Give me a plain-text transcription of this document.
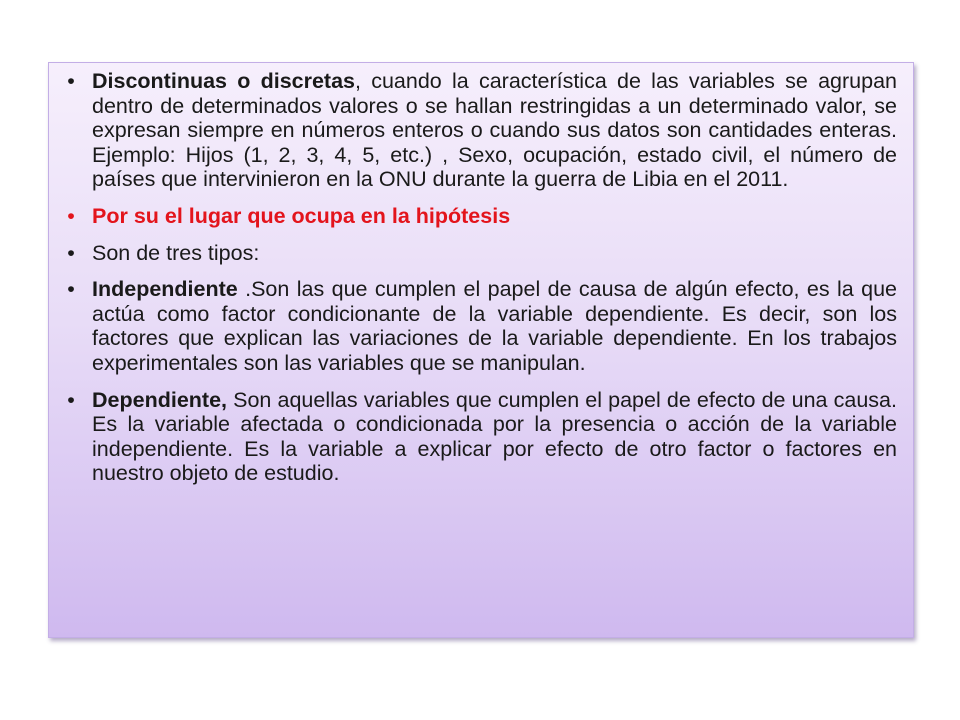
• Discontinuas o discretas, cuando la característica de las variables se agrupan dentro de determinados valores o se hallan restringidas a un determinado valor, se expresan siempre en números enteros o cuando sus datos son cantidades enteras. Ejemplo: Hijos (1, 2, 3, 4, 5, etc.) , Sexo, ocupación, estado civil, el número de países que intervinieron en la ONU durante la guerra de Libia en el 2011.
• Por su el lugar que ocupa en la hipótesis
• Son de tres tipos:
• Independiente .Son las que cumplen el papel de causa de algún efecto, es la que actúa como factor condicionante de la variable dependiente. Es decir, son los factores que explican las variaciones de la variable dependiente. En los trabajos experimentales son las variables que se manipulan.
• Dependiente, Son aquellas variables que cumplen el papel de efecto de una causa. Es la variable afectada o condicionada por la presencia o acción de la variable independiente. Es la variable a explicar por efecto de otro factor o factores en nuestro objeto de estudio.
